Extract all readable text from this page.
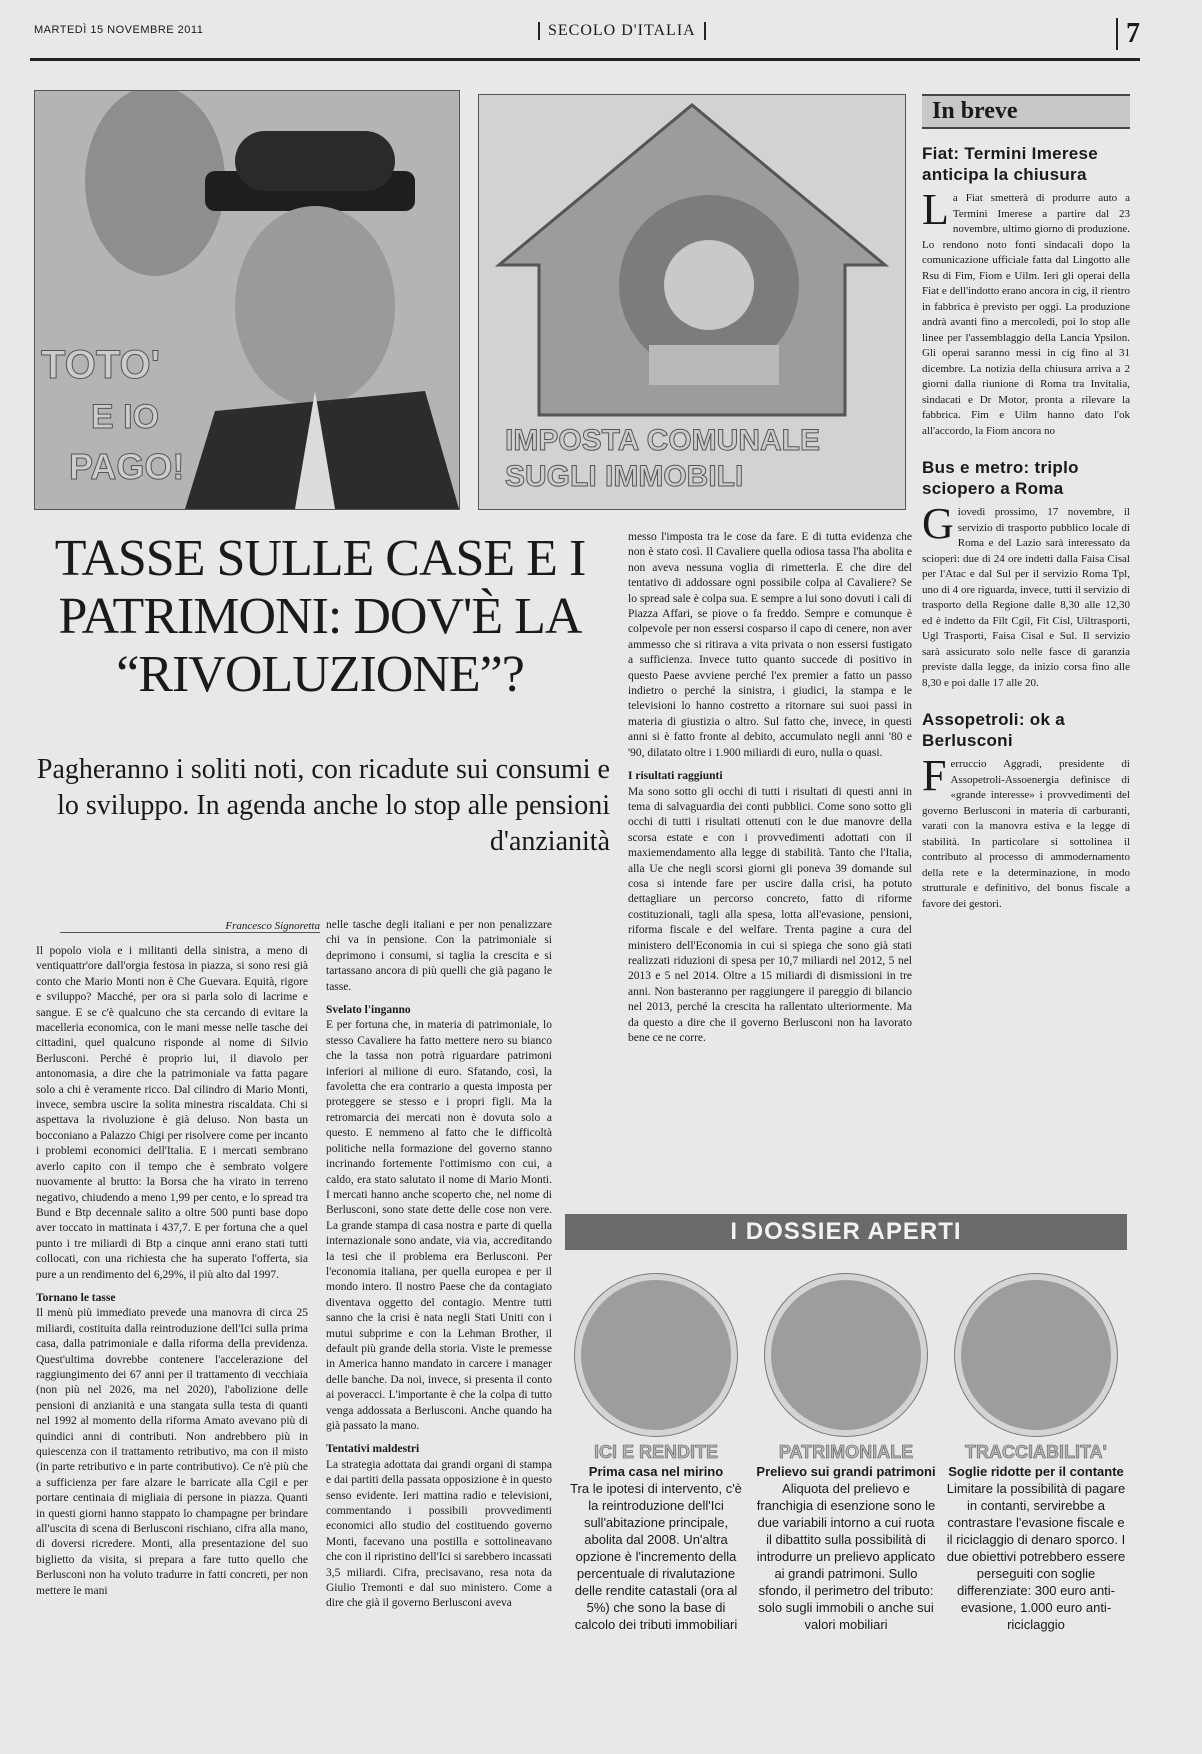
MARTEDÌ 15 NOVEMBRE 2011	SECOLO D'ITALIA	7
TOTO'
E IO
PAGO!
IMPOSTA COMUNALE
SUGLI IMMOBILI
In breve
Fiat: Termini Imerese anticipa la chiusura
La Fiat smetterà di produrre auto a Termini Imerese a partire dal 23 novembre, ultimo giorno di produzione. Lo rendono noto fonti sindacali dopo la comunicazione ufficiale fatta dal Lingotto alle Rsu di Fim, Fiom e Uilm. Ieri gli operai della Fiat e dell'indotto erano ancora in cig, il rientro in fabbrica è previsto per oggi. La produzione andrà avanti fino a mercoledì, poi lo stop alle linee per l'assemblaggio della Lancia Ypsilon. Gli operai saranno messi in cig fino al 31 dicembre. La notizia della chiusura arriva a 2 giorni dalla riunione di Roma tra Invitalia, sindacati e Dr Motor, pronta a rilevare la fabbrica. Fim e Uilm hanno dato l'ok all'accordo, la Fiom ancora no
Bus e metro: triplo sciopero a Roma
Giovedì prossimo, 17 novembre, il servizio di trasporto pubblico locale di Roma e del Lazio sarà interessato da scioperi: due di 24 ore indetti dalla Faisa Cisal per l'Atac e dal Sul per il servizio Roma Tpl, uno di 4 ore riguarda, invece, tutti il servizio di trasporto della Regione dalle 8,30 alle 12,30 ed è indetto da Filt Cgil, Fit Cisl, Uiltrasporti, Ugl Trasporti, Faisa Cisal e Sul. Il servizio sarà assicurato solo nelle fasce di garanzia previste dalla legge, da inizio corsa fino alle 8,30 e poi dalle 17 alle 20.
Assopetroli: ok a Berlusconi
Ferruccio Aggradi, presidente di Assopetroli-Assoenergia definisce di «grande interesse» i provvedimenti del governo Berlusconi in materia di carburanti, varati con la manovra estiva e la legge di stabilità. In particolare si sottolinea il contributo al processo di ammodernamento della rete e la determinazione, in modo strutturale e definitivo, del bonus fiscale a favore dei gestori.
TASSE SULLE CASE E I PATRIMONI: DOV'È LA “RIVOLUZIONE”?
Pagheranno i soliti noti, con ricadute sui consumi e lo sviluppo. In agenda anche lo stop alle pensioni d'anzianità
Francesco Signoretta

Il popolo viola e i militanti della sinistra, a meno di ventiquattr'ore dall'orgia festosa in piazza, si sono resi già conto che Mario Monti non è Che Guevara. Equità, rigore e sviluppo? Macché, per ora si parla solo di lacrime e sangue. E se c'è qualcuno che sta cercando di evitare la macelleria economica, con le mani messe nelle tasche dei cittadini, quel qualcuno risponde al nome di Silvio Berlusconi. Perché è proprio lui, il diavolo per antonomasia, a dire che la patrimoniale va fatta pagare solo a chi è veramente ricco. Dal cilindro di Mario Monti, invece, sembra uscire la solita minestra riscaldata. Chi si aspettava la rivoluzione è già deluso. Non basta un bocconiano a Palazzo Chigi per risolvere come per incanto i problemi economici dell'Italia. E i mercati sembrano averlo capito con il tempo che è sembrato volgere nuovamente al brutto: la Borsa che ha virato in terreno negativo, chiudendo a meno 1,99 per cento, e lo spread tra Bund e Btp decennale salito a oltre 500 punti base dopo aver toccato in mattinata i 437,7. E per fortuna che a quel punto i tre miliardi di Btp a cinque anni erano stati tutti collocati, con una richiesta che ha superato l'offerta, sia pure a un rendimento del 6,29%, il più alto dal 1997.

Tornano le tasse

Il menù più immediato prevede una manovra di circa 25 miliardi, costituita dalla reintroduzione dell'Ici sulla prima casa, dalla patrimoniale e dalla riforma della previdenza. Quest'ultima dovrebbe contenere l'accelerazione del raggiungimento dei 67 anni per il trattamento di vecchiaia (non più nel 2026, ma nel 2020), l'abolizione delle pensioni di anzianità e una stangata sulla testa di quanti nel 1992 al momento della riforma Amato avevano più di quindici anni di contributi. Non andrebbero più in quiescenza con il trattamento retributivo, ma con il misto (in parte retributivo e in parte contributivo). Ce n'è più che a sufficienza per fare alzare le barricate alla Cgil e per portare centinaia di migliaia di persone in piazza. Quanti in questi giorni hanno stappato lo champagne per brindare all'uscita di scena di Berlusconi rischiano, cifra alla mano, di doversi ricredere. Monti, alla presentazione del suo biglietto da visita, si prepara a fare tutto quello che Berlusconi non ha voluto tradurre in fatti concreti, per non mettere le mani

nelle tasche degli italiani e per non penalizzare chi va in pensione. Con la patrimoniale si deprimono i consumi, si taglia la crescita e si tartassano ancora di più quelli che già pagano le tasse.

Svelato l'inganno

E per fortuna che, in materia di patrimoniale, lo stesso Cavaliere ha fatto mettere nero su bianco che la tassa non potrà riguardare patrimoni inferiori al milione di euro. Sfatando, così, la favoletta che era contrario a questa imposta per proteggere se stesso e i propri figli. Ma la retromarcia dei mercati non è dovuta solo a questo. E nemmeno al fatto che le difficoltà politiche nella formazione del governo stanno incrinando fortemente l'ottimismo con cui, a caldo, era stato salutato il nome di Mario Monti. I mercati hanno anche scoperto che, nel nome di Berlusconi, sono state dette delle cose non vere. La grande stampa di casa nostra e parte di quella internazionale sono andate, via via, accreditando la tesi che il problema era Berlusconi. Per l'economia italiana, per quella europea e per il mondo intero. Il nostro Paese che da contagiato diventava oggetto del contagio. Mentre tutti sanno che la crisi è nata negli Stati Uniti con i mutui subprime e con la Lehman Brother, il default più grande della storia. Viste le premesse in America hanno mandato in carcere i manager delle banche. Da noi, invece, si presenta il conto ai poveracci. L'importante è che la colpa di tutto venga addossata a Berlusconi. Anche quando ha già passato la mano.

Tentativi maldestri

La strategia adottata dai grandi organi di stampa e dai partiti della passata opposizione è in questo senso evidente. Ieri mattina radio e televisioni, commentando i possibili provvedimenti economici allo studio del costituendo governo Monti, facevano una postilla e sottolineavano che con il ripristino dell'Ici si sarebbero incassati 3,5 miliardi. Cifra, precisavano, resa nota da Giulio Tremonti e dal suo ministero. Come a dire che già il governo Berlusconi aveva

messo l'imposta tra le cose da fare. E di tutta evidenza che non è stato così. Il Cavaliere quella odiosa tassa l'ha abolita e non aveva nessuna voglia di rimetterla. E che dire del tentativo di addossare ogni possibile colpa al Cavaliere? Se lo spread sale è colpa sua. E sempre a lui sono dovuti i cali di Piazza Affari, se piove o fa freddo. Sempre e comunque è colpevole per non essersi cosparso il capo di cenere, non aver ammesso che si ritirava a vita privata o non essersi fustigato a sufficienza. Invece tutto quanto succede di positivo in questo Paese avviene perché l'ex premier a fatto un passo indietro o perché la sinistra, i giudici, la stampa e le televisioni lo hanno costretto a ritornare sui suoi passi in materia di giustizia o altro. Sul fatto che, invece, in questi anni si è fatto fronte al debito, accumulato negli anni '80 e '90, dilatato oltre i 1.900 miliardi di euro, nulla o quasi.

I risultati raggiunti

Ma sono sotto gli occhi di tutti i risultati di questi anni in tema di salvaguardia dei conti pubblici. Come sono sotto gli occhi di tutti i risultati ottenuti con le due manovre della scorsa estate e con i provvedimenti adottati con il maxiemendamento alla legge di stabilità. Tanto che l'Italia, alla Ue che negli scorsi giorni gli poneva 39 domande sul cosa si intende fare per uscire dalla crisi, ha potuto dettagliare un percorso concreto, fatto di riforme costituzionali, tagli alla spesa, lotta all'evasione, pensioni, riforma fiscale e del welfare. Trenta pagine a cura del ministero dell'Economia in cui si spiega che sono già stati realizzati riduzioni di spesa per 10,7 miliardi nel 2012, 5 nel 2013 e 5 nel 2014. Oltre a 15 miliardi di dismissioni in tre anni. Non basteranno per raggiungere il pareggio di bilancio nel 2013, perché la crescita ha rallentato ulteriormente. Ma da questo a dire che il governo Berlusconi non ha lavorato bene ce ne corre.

I DOSSIER APERTI
ICI E RENDITE
Prima casa nel mirino
Tra le ipotesi di intervento, c'è la reintroduzione dell'Ici sull'abitazione principale, abolita dal 2008. Un'altra opzione è l'incremento della percentuale di rivalutazione delle rendite catastali (ora al 5%) che sono la base di calcolo dei tributi immobiliari
PATRIMONIALE
Prelievo sui grandi patrimoni
Aliquota del prelievo e franchigia di esenzione sono le due variabili intorno a cui ruota il dibattito sulla possibilità di introdurre un prelievo applicato ai grandi patrimoni. Sullo sfondo, il perimetro del tributo: solo sugli immobili o anche sui valori mobiliari
TRACCIABILITA'
Soglie ridotte per il contante
Limitare la possibilità di pagare in contanti, servirebbe a contrastare l'evasione fiscale e il riciclaggio di denaro sporco. I due obiettivi potrebbero essere perseguiti con soglie differenziate: 300 euro anti-evasione, 1.000 euro anti-riciclaggio
